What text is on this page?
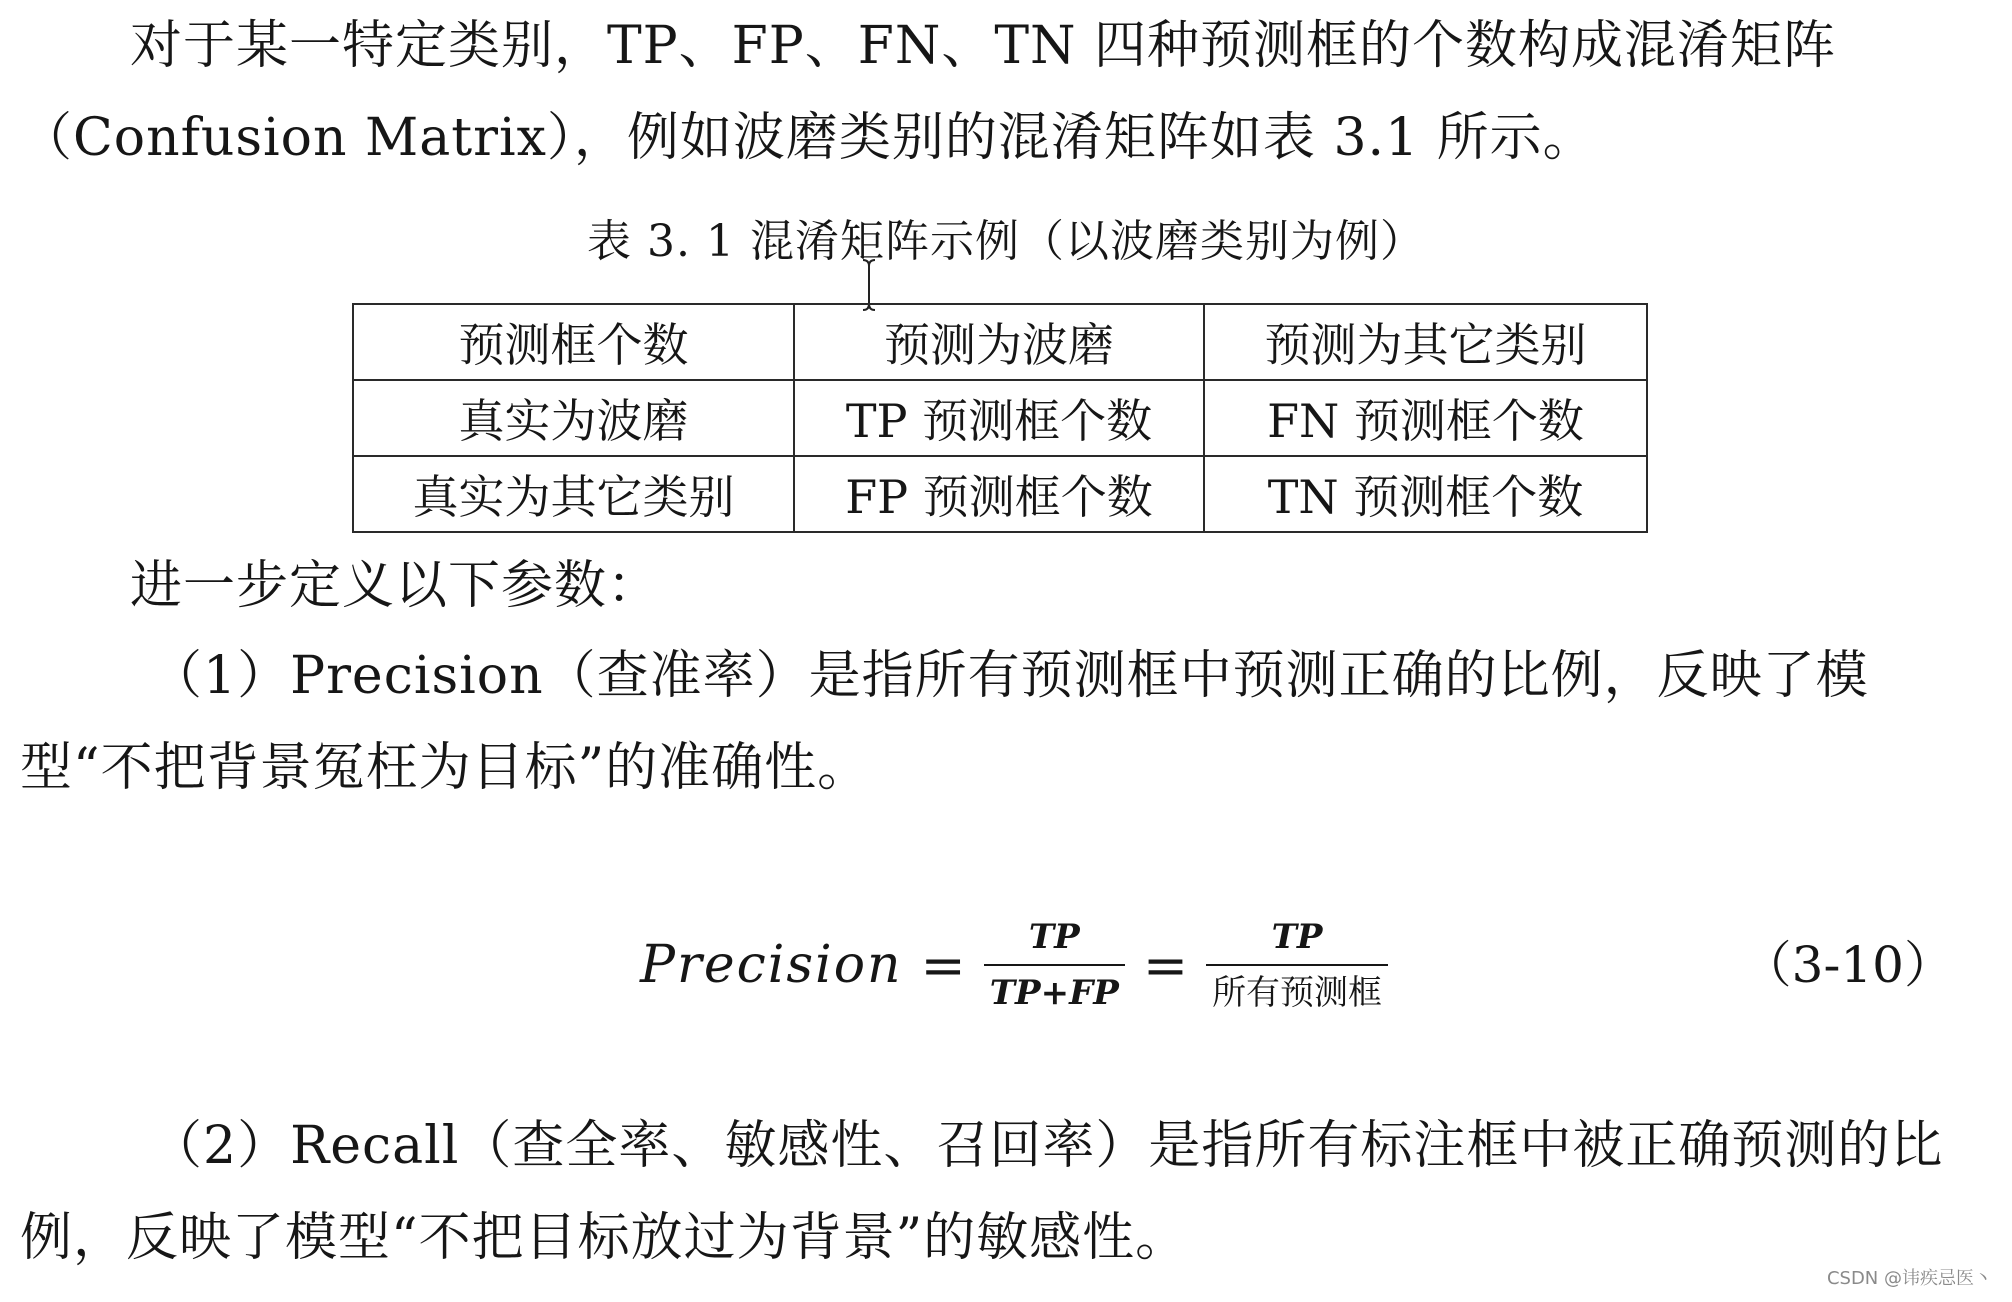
对于某一特定类别，TP、FP、FN、TN 四种预测框的个数构成混淆矩阵（Confusion Matrix），例如波磨类别的混淆矩阵如表 3.1 所示。

表 3. 1 混淆矩阵示例（以波磨类别为例）
预测框个数	预测为波磨	预测为其它类别
真实为波磨	TP 预测框个数	FN 预测框个数
真实为其它类别	FP 预测框个数	TN 预测框个数

进一步定义以下参数：

（1）Precision（查准率）是指所有预测框中预测正确的比例，反映了模型“不把背景冤枉为目标”的准确性。

Precision = $\frac{TP}{TP+FP} = \frac{TP}{\text{所有预测框}}$	（3-10）

（2）Recall（查全率、敏感性、召回率）是指所有标注框中被正确预测的比例，反映了模型“不把目标放过为背景”的敏感性。

CSDN @讳疾忌医丶
